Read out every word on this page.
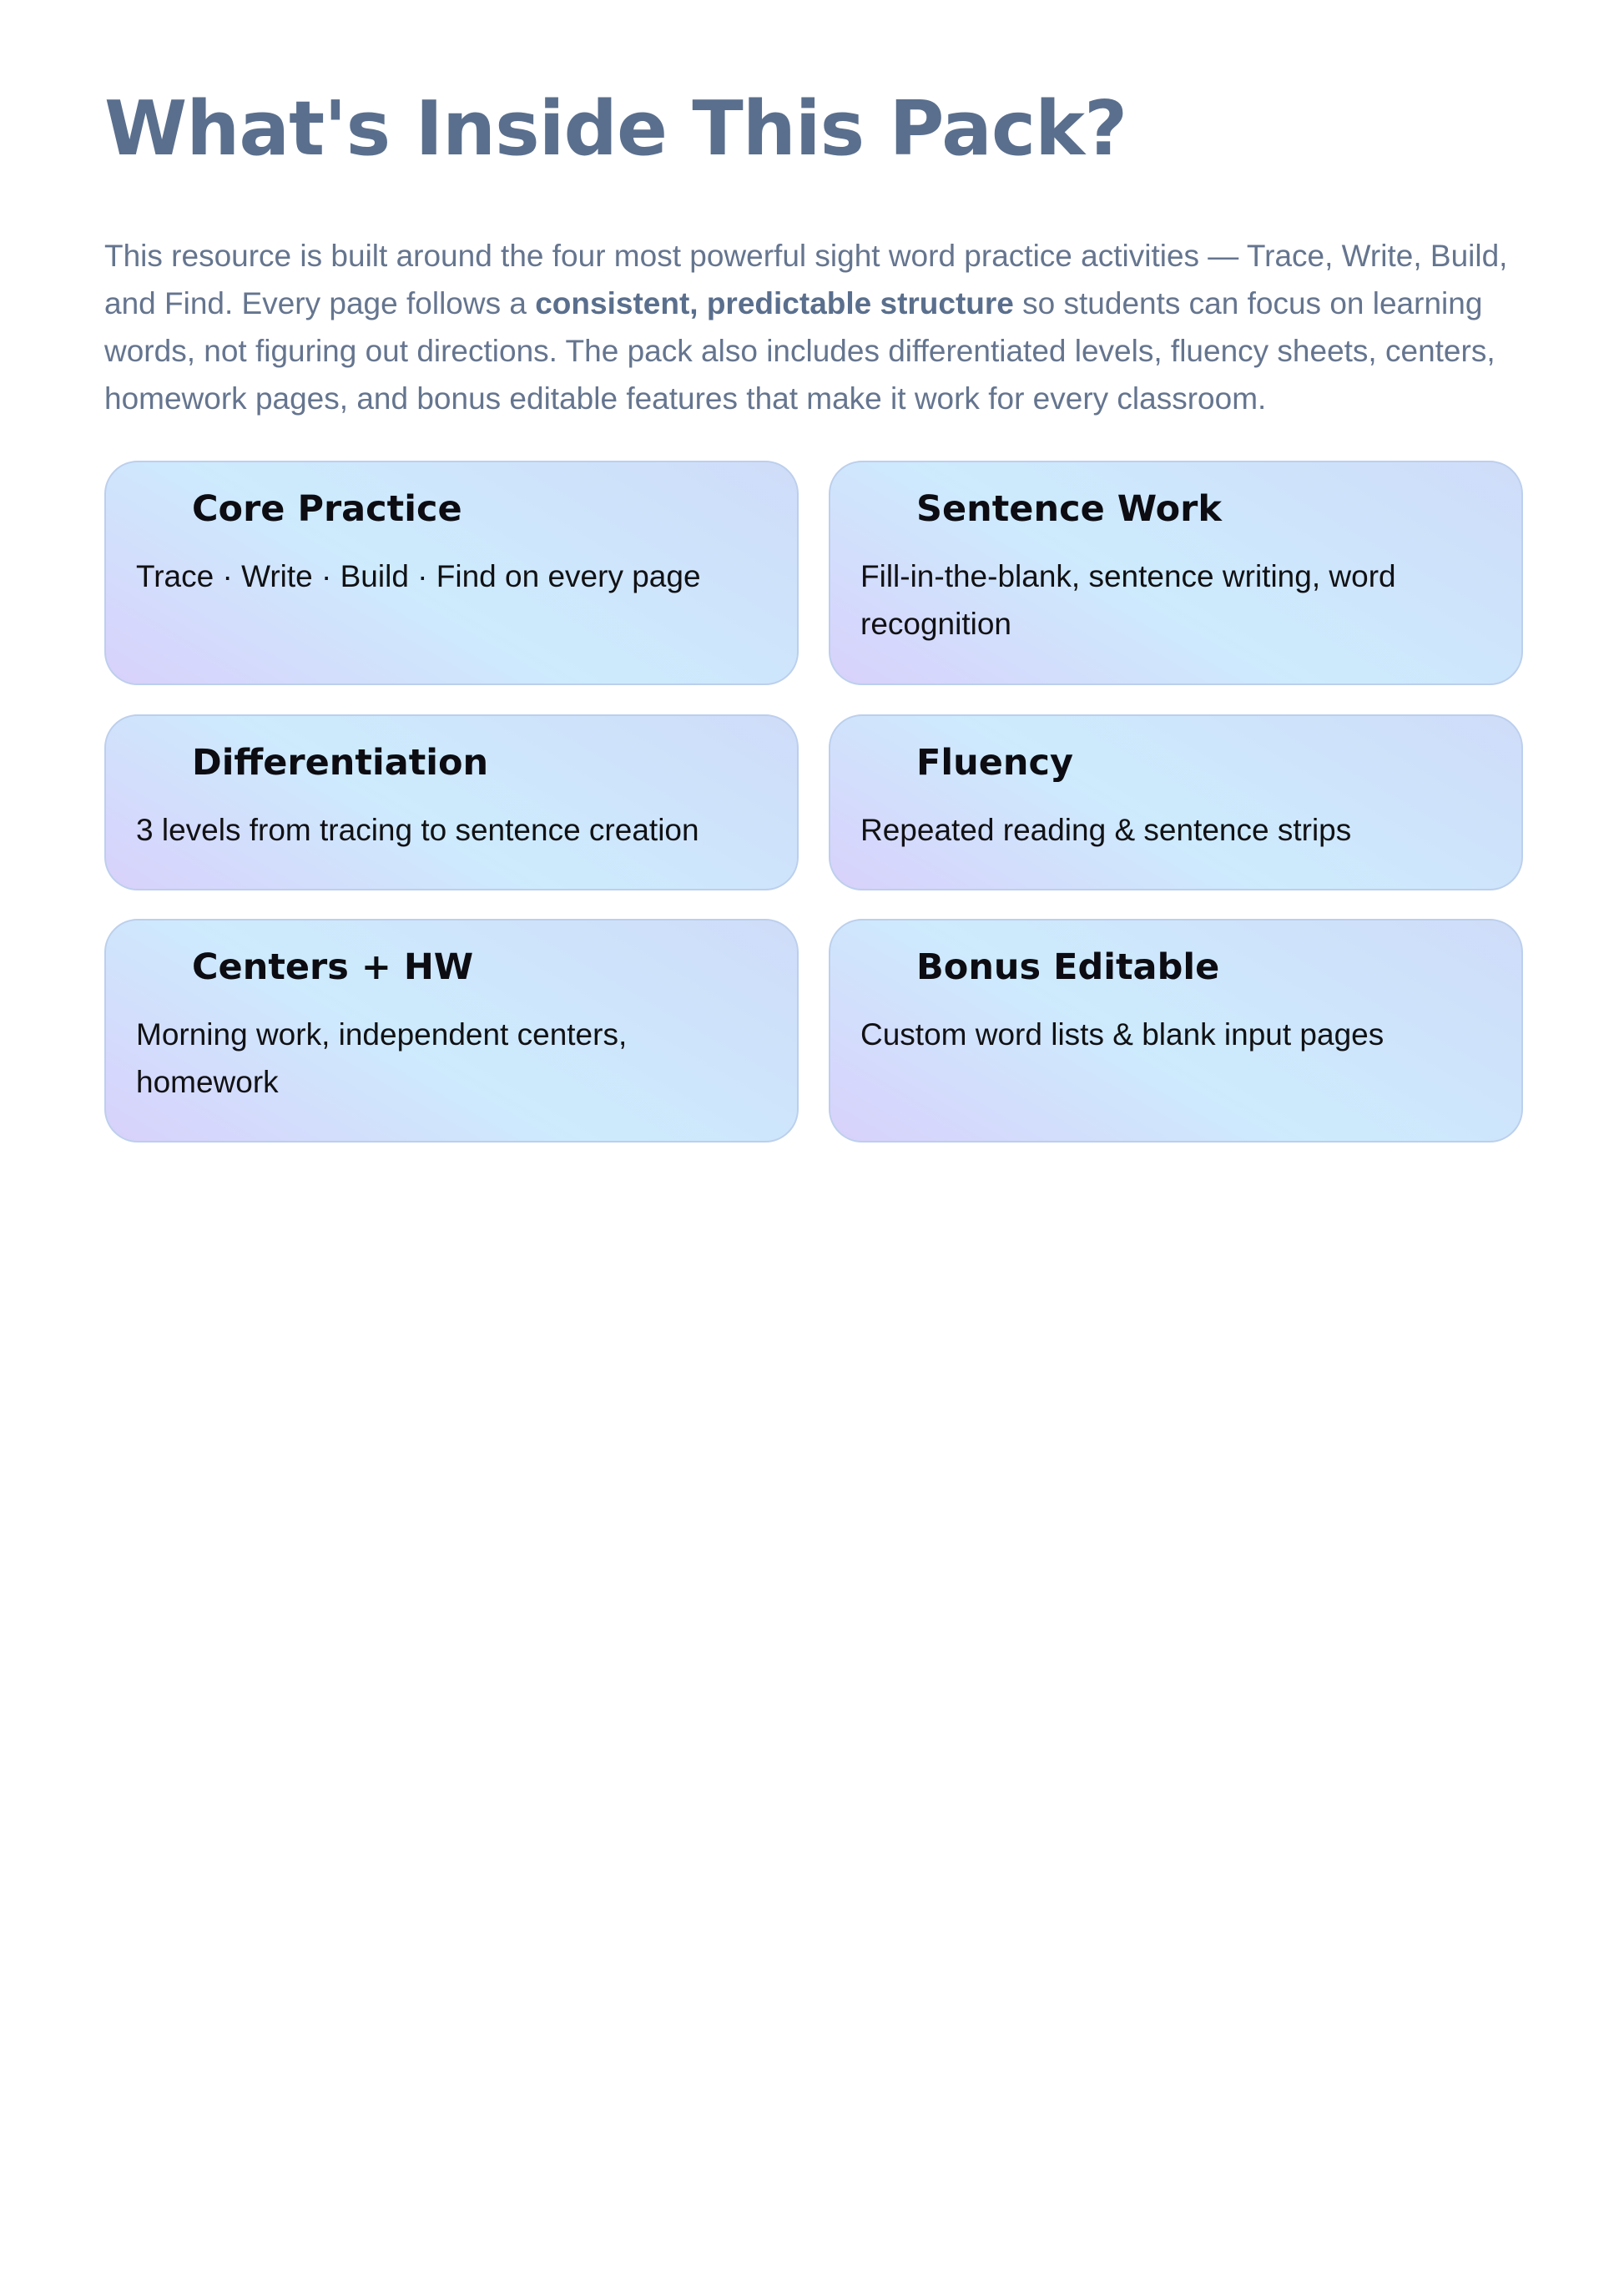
What's Inside This Pack?

This resource is built around the four most powerful sight word practice activities — Trace, Write, Build, and Find. Every page follows a consistent, predictable structure so students can focus on learning words, not figuring out directions. The pack also includes differentiated levels, fluency sheets, centers, homework pages, and bonus editable features that make it work for every classroom.

Core Practice
Trace · Write · Build · Find on every page
Sentence Work
Fill-in-the-blank, sentence writing, word recognition
Differentiation
3 levels from tracing to sentence creation
Fluency
Repeated reading & sentence strips
Centers + HW
Morning work, independent centers, homework
Bonus Editable
Custom word lists & blank input pages
